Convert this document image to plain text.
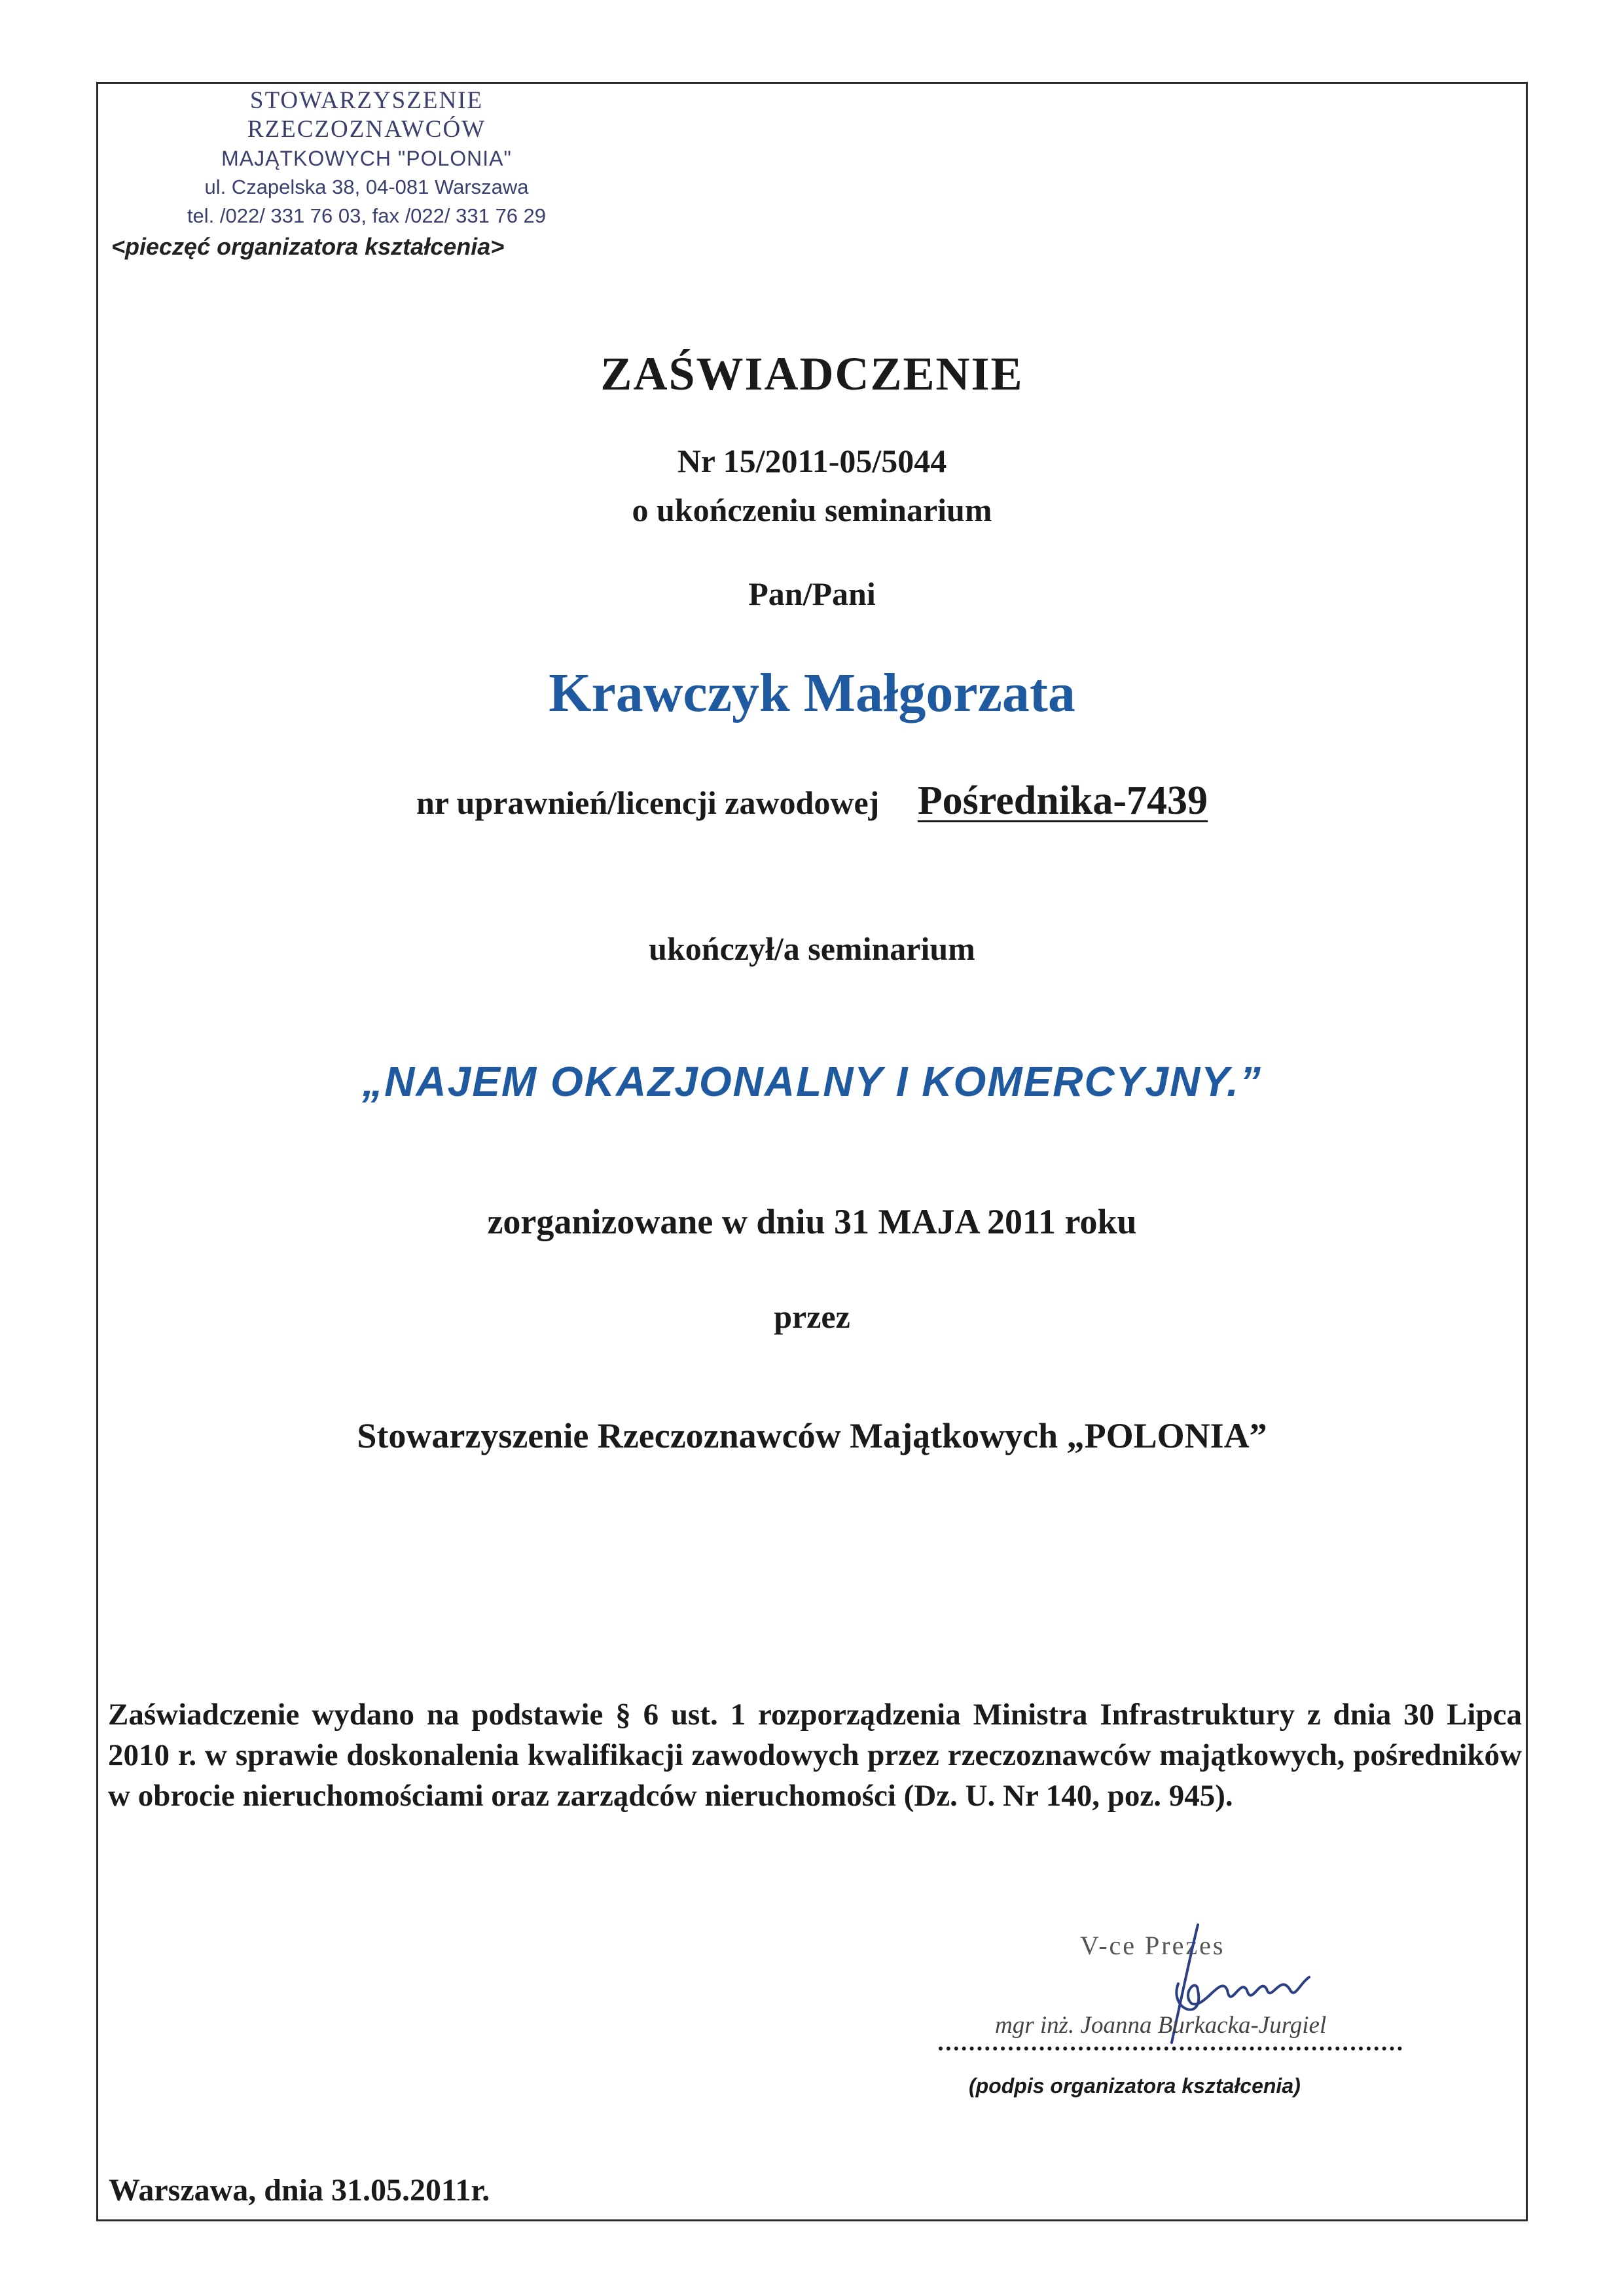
STOWARZYSZENIE RZECZOZNAWCÓW
MAJĄTKOWYCH "POLONIA"
ul. Czapelska 38, 04-081 Warszawa
tel. /022/ 331 76 03, fax /022/ 331 76 29
<pieczęć organizatora kształcenia>
ZAŚWIADCZENIE
Nr 15/2011-05/5044
o ukończeniu seminarium
Pan/Pani
Krawczyk Małgorzata
nr uprawnień/licencji zawodowej Pośrednika-7439
ukończył/a seminarium
„NAJEM OKAZJONALNY I KOMERCYJNY.”
zorganizowane w dniu 31 MAJA 2011 roku
przez
Stowarzyszenie Rzeczoznawców Majątkowych „POLONIA”
Zaświadczenie wydano na podstawie § 6 ust. 1 rozporządzenia Ministra Infrastruktury z dnia 30 Lipca 2010 r. w sprawie doskonalenia kwalifikacji zawodowych przez rzeczoznawców majątkowych, pośredników w obrocie nieruchomościami oraz zarządców nieruchomości (Dz. U. Nr 140, poz. 945).
V-ce Prezes
mgr inż. Joanna Burkacka-Jurgiel
(podpis organizatora kształcenia)
Warszawa, dnia 31.05.2011r.
